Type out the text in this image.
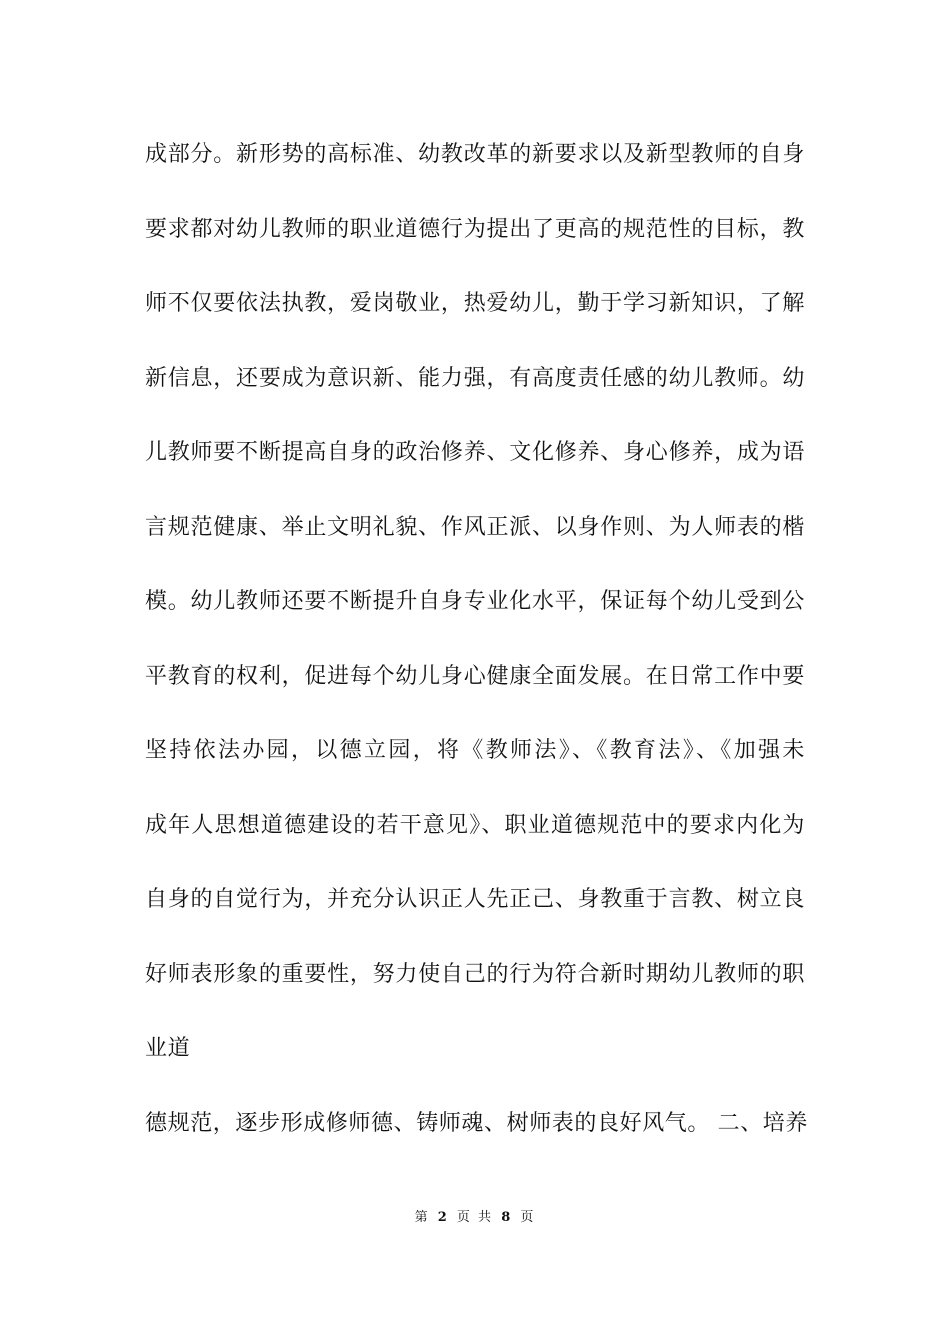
成部分。新形势的高标准、幼教改革的新要求以及新型教师的自身
要求都对幼儿教师的职业道德行为提出了更高的规范性的目标，教
师不仅要依法执教，爱岗敬业，热爱幼儿，勤于学习新知识，了解
新信息，还要成为意识新、能力强，有高度责任感的幼儿教师。幼
儿教师要不断提高自身的政治修养、文化修养、身心修养，成为语
言规范健康、举止文明礼貌、作风正派、以身作则、为人师表的楷
模。幼儿教师还要不断提升自身专业化水平，保证每个幼儿受到公
平教育的权利，促进每个幼儿身心健康全面发展。在日常工作中要
坚持依法办园，以德立园，将《教师法》、《教育法》、《加强未
成年人思想道德建设的若干意见》、职业道德规范中的要求内化为
自身的自觉行为，并充分认识正人先正己、身教重于言教、树立良
好师表形象的重要性，努力使自己的行为符合新时期幼儿教师的职
业道
德规范，逐步形成修师德、铸师魂、树师表的良好风气。 二、培养
第 2 页 共 8 页
